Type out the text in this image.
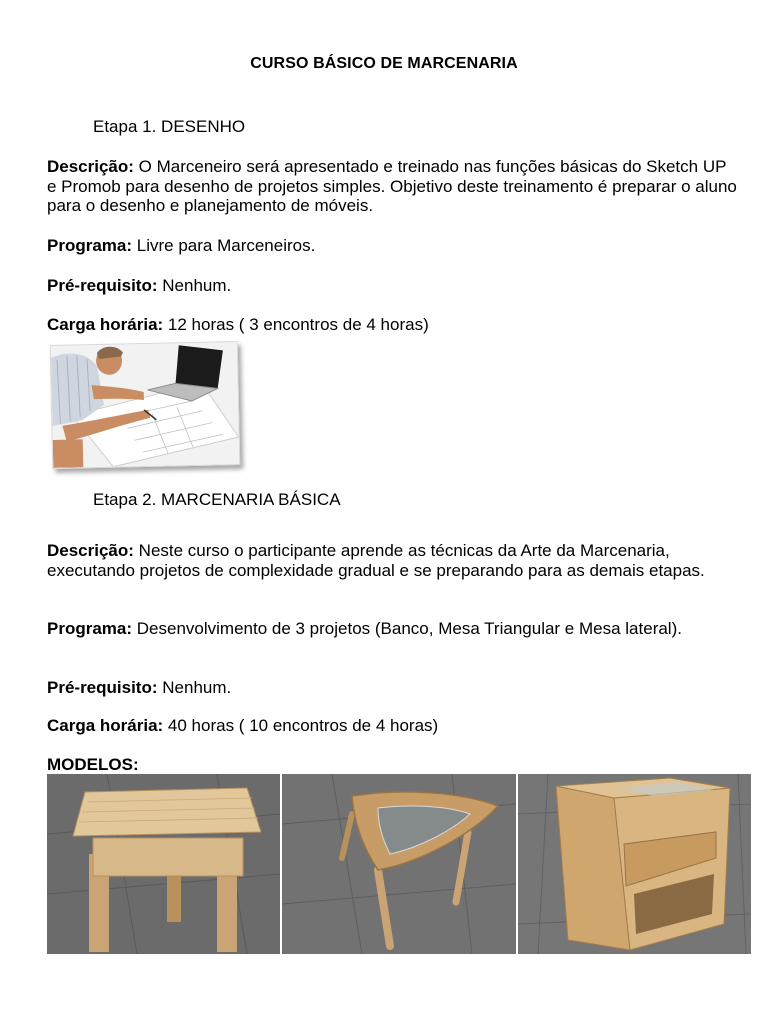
CURSO BÁSICO DE MARCENARIA
Etapa 1. DESENHO
Descrição: O Marceneiro será apresentado e treinado nas funções básicas do Sketch UP e Promob para desenho de projetos simples. Objetivo deste treinamento é preparar o aluno para o desenho e planejamento de móveis.
Programa: Livre para Marceneiros.
Pré-requisito: Nenhum.
Carga horária: 12 horas ( 3 encontros de 4 horas)
Etapa 2. MARCENARIA BÁSICA
Descrição: Neste curso o participante aprende as técnicas da Arte da Marcenaria, executando projetos de complexidade gradual e se preparando para as demais etapas.
Programa: Desenvolvimento de 3 projetos (Banco, Mesa Triangular e Mesa lateral).
Pré-requisito: Nenhum.
Carga horária: 40 horas ( 10 encontros de 4 horas)
MODELOS:
